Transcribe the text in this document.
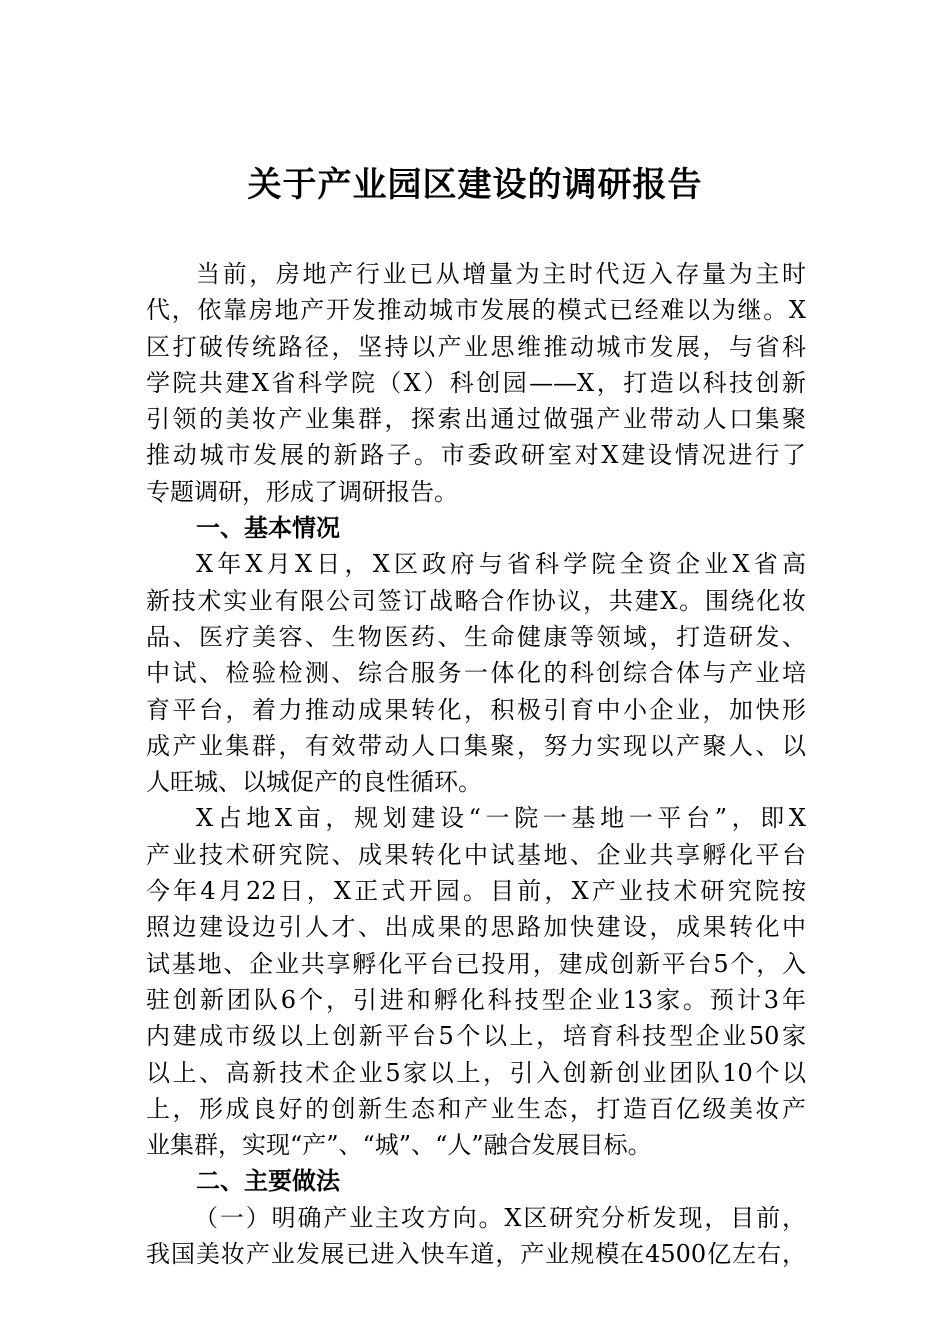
关于产业园区建设的调研报告
当前，房地产行业已从增量为主时代迈入存量为主时
代，依靠房地产开发推动城市发展的模式已经难以为继。X
区打破传统路径，坚持以产业思维推动城市发展，与省科
学院共建X省科学院（X）科创园——X，打造以科技创新
引领的美妆产业集群，探索出通过做强产业带动人口集聚
推动城市发展的新路子。市委政研室对X建设情况进行了
专题调研，形成了调研报告。
一、基本情况
X年X月X日，X区政府与省科学院全资企业X省高
新技术实业有限公司签订战略合作协议，共建X。围绕化妆
品、医疗美容、生物医药、生命健康等领域，打造研发、
中试、检验检测、综合服务一体化的科创综合体与产业培
育平台，着力推动成果转化，积极引育中小企业，加快形
成产业集群，有效带动人口集聚，努力实现以产聚人、以
人旺城、以城促产的良性循环。
X占地X亩，规划建设“一院一基地一平台”，即X
产业技术研究院、成果转化中试基地、企业共享孵化平台
今年4月22日，X正式开园。目前，X产业技术研究院按
照边建设边引人才、出成果的思路加快建设，成果转化中
试基地、企业共享孵化平台已投用，建成创新平台5个，入
驻创新团队6个，引进和孵化科技型企业13家。预计3年
内建成市级以上创新平台5个以上，培育科技型企业50家
以上、高新技术企业5家以上，引入创新创业团队10个以
上，形成良好的创新生态和产业生态，打造百亿级美妆产
业集群，实现“产”、“城”、“人”融合发展目标。
二、主要做法
（一）明确产业主攻方向。X区研究分析发现，目前，
我国美妆产业发展已进入快车道，产业规模在4500亿左右，
